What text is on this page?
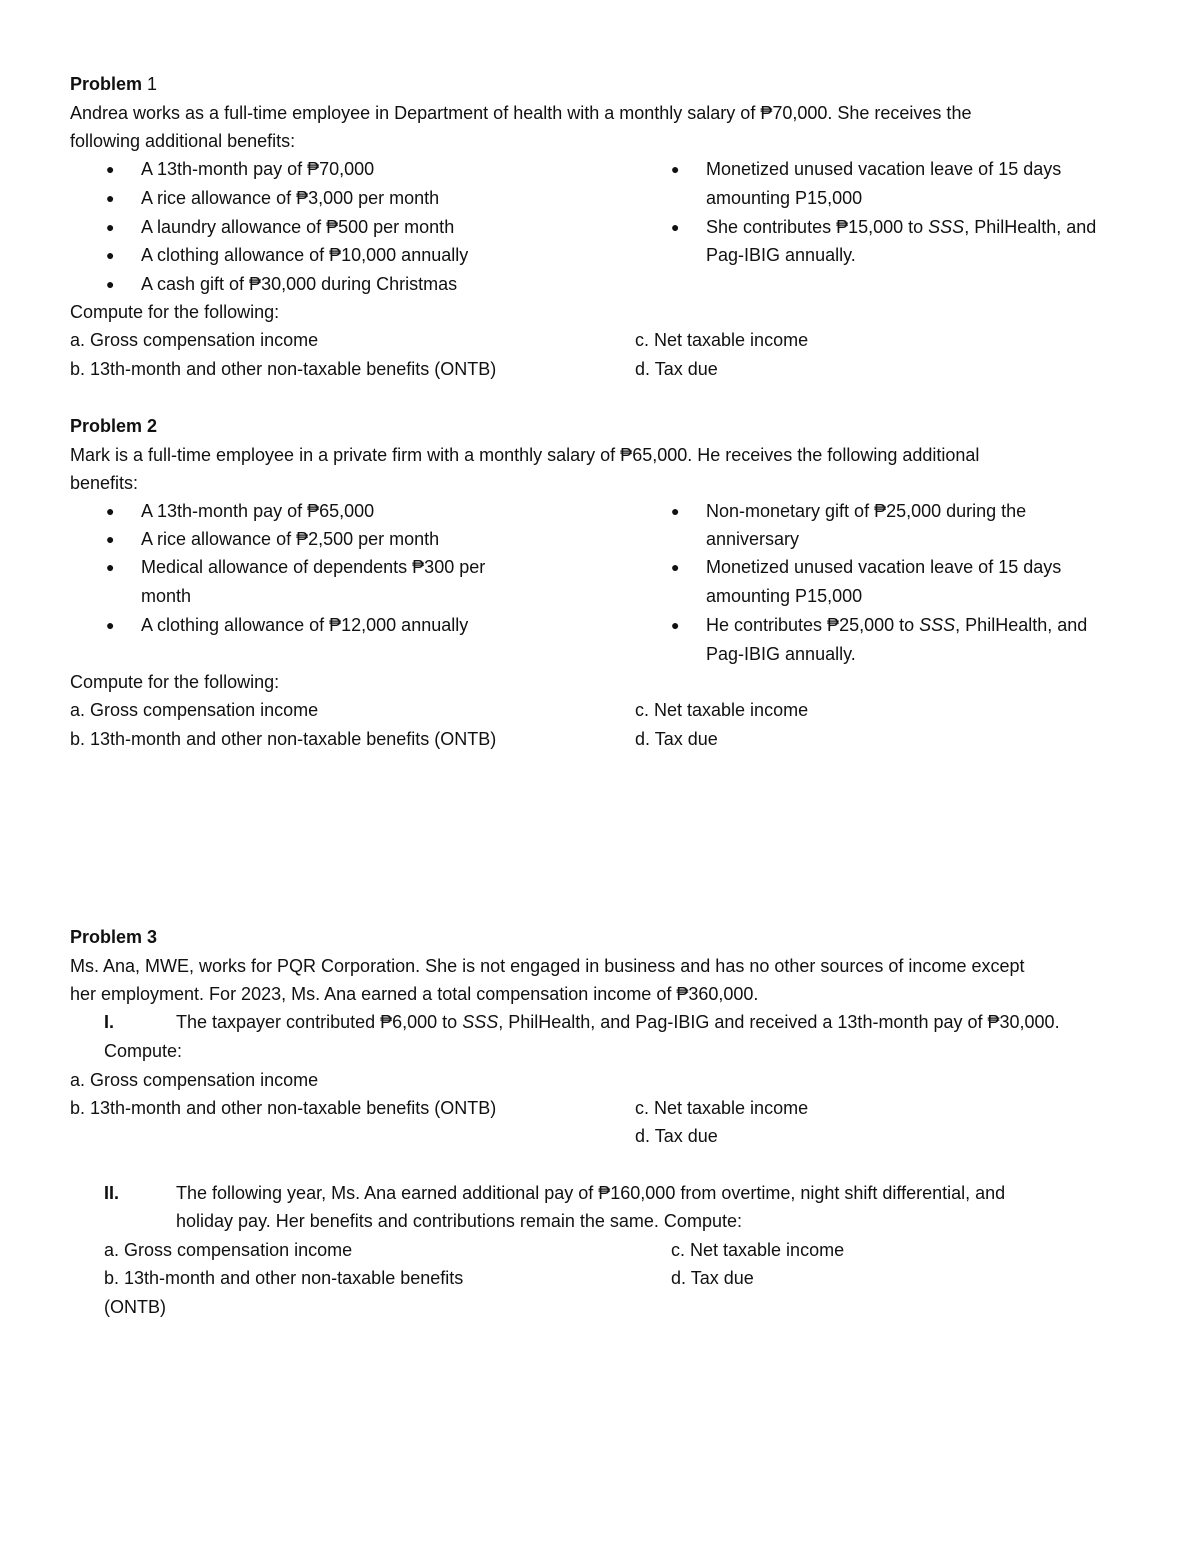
Problem 1
Andrea works as a full-time employee in Department of health with a monthly salary of ₱70,000. She receives the
following additional benefits:
● A 13th-month pay of ₱70,000
● A rice allowance of ₱3,000 per month
● A laundry allowance of ₱500 per month
● A clothing allowance of ₱10,000 annually
● A cash gift of ₱30,000 during Christmas
● Monetized unused vacation leave of 15 days
amounting P15,000
● She contributes ₱15,000 to SSS, PhilHealth, and
Pag-IBIG annually.
Compute for the following:
a. Gross compensation income
b. 13th-month and other non-taxable benefits (ONTB)
c. Net taxable income
d. Tax due
Problem 2
Mark is a full-time employee in a private firm with a monthly salary of ₱65,000. He receives the following additional
benefits:
● A 13th-month pay of ₱65,000
● A rice allowance of ₱2,500 per month
● Medical allowance of dependents ₱300 per
month
● A clothing allowance of ₱12,000 annually
● Non-monetary gift of ₱25,000 during the
anniversary
● Monetized unused vacation leave of 15 days
amounting P15,000
● He contributes ₱25,000 to SSS, PhilHealth, and
Pag-IBIG annually.
Compute for the following:
a. Gross compensation income
b. 13th-month and other non-taxable benefits (ONTB)
c. Net taxable income
d. Tax due
Problem 3
Ms. Ana, MWE, works for PQR Corporation. She is not engaged in business and has no other sources of income except
her employment. For 2023, Ms. Ana earned a total compensation income of ₱360,000.
I.	The taxpayer contributed ₱6,000 to SSS, PhilHealth, and Pag-IBIG and received a 13th-month pay of ₱30,000.
Compute:
a. Gross compensation income
b. 13th-month and other non-taxable benefits (ONTB)	c. Net taxable income
d. Tax due
II.	The following year, Ms. Ana earned additional pay of ₱160,000 from overtime, night shift differential, and
holiday pay. Her benefits and contributions remain the same. Compute:
a. Gross compensation income
b. 13th-month and other non-taxable benefits
(ONTB)
c. Net taxable income
d. Tax due
